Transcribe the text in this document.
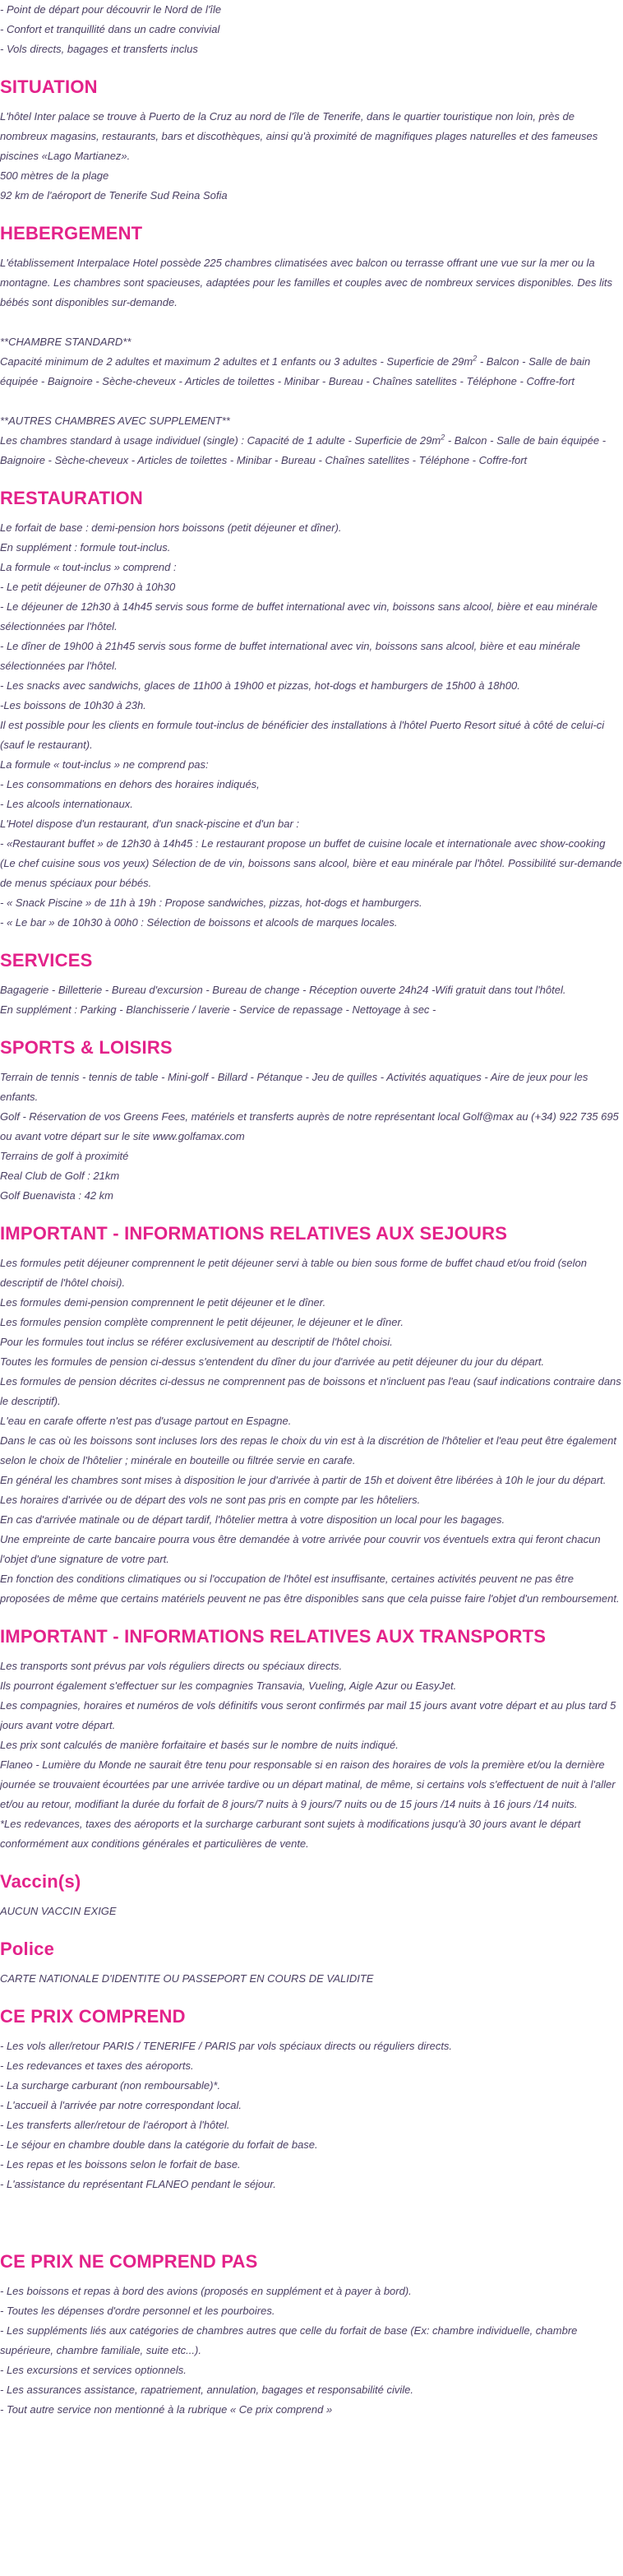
- Point de départ pour découvrir le Nord de l'île
- Confort et tranquillité dans un cadre convivial
- Vols directs, bagages et transferts inclus
SITUATION
L'hôtel Inter palace se trouve à Puerto de la Cruz au nord de l'île de Tenerife, dans le quartier touristique non loin, près de nombreux magasins, restaurants, bars et discothèques, ainsi qu'à proximité de magnifiques plages naturelles et des fameuses piscines «Lago Martianez».
500 mètres de la plage
92 km de l'aéroport de Tenerife Sud Reina Sofia
HEBERGEMENT
L'établissement Interpalace Hotel possède 225 chambres climatisées avec balcon ou terrasse offrant une vue sur la mer ou la montagne. Les chambres sont spacieuses, adaptées pour les familles et couples avec de nombreux services disponibles. Des lits bébés sont disponibles sur-demande.
**CHAMBRE STANDARD**
Capacité minimum de 2 adultes et maximum 2 adultes et 1 enfants ou 3 adultes - Superficie de $29m^2$ - Balcon - Salle de bain équipée - Baignoire - Sèche-cheveux - Articles de toilettes - Minibar - Bureau - Chaînes satellites - Téléphone - Coffre-fort
**AUTRES CHAMBRES AVEC SUPPLEMENT**
Les chambres standard à usage individuel (single) : Capacité de 1 adulte - Superficie de $29m^2$ - Balcon - Salle de bain équipée - Baignoire - Sèche-cheveux - Articles de toilettes - Minibar - Bureau - Chaînes satellites - Téléphone - Coffre-fort
RESTAURATION
Le forfait de base : demi-pension hors boissons (petit déjeuner et dîner).
En supplément : formule tout-inclus.
La formule « tout-inclus » comprend :
- Le petit déjeuner de 07h30 à 10h30
- Le déjeuner de 12h30 à 14h45 servis sous forme de buffet international avec vin, boissons sans alcool, bière et eau minérale sélectionnées par l'hôtel.
- Le dîner de 19h00 à 21h45 servis sous forme de buffet international avec vin, boissons sans alcool, bière et eau minérale sélectionnées par l'hôtel.
- Les snacks avec sandwichs, glaces de 11h00 à 19h00 et pizzas, hot-dogs et hamburgers de 15h00 à 18h00.
-Les boissons de 10h30 à 23h.
Il est possible pour les clients en formule tout-inclus de bénéficier des installations à l'hôtel Puerto Resort situé à côté de celui-ci (sauf le restaurant).
La formule « tout-inclus » ne comprend pas:
- Les consommations en dehors des horaires indiqués,
- Les alcools internationaux.
L'Hotel dispose d'un restaurant, d'un snack-piscine et d'un bar :
- «Restaurant buffet » de 12h30 à 14h45 : Le restaurant propose un buffet de cuisine locale et internationale avec show-cooking (Le chef cuisine sous vos yeux) Sélection de de vin, boissons sans alcool, bière et eau minérale par l'hôtel. Possibilité sur-demande de menus spéciaux pour bébés.
- « Snack Piscine » de 11h à 19h : Propose sandwiches, pizzas, hot-dogs et hamburgers.
- « Le bar » de 10h30 à 00h0 : Sélection de boissons et alcools de marques locales.
SERVICES
Bagagerie - Billetterie - Bureau d'excursion - Bureau de change - Réception ouverte 24h24 -Wifi gratuit dans tout l'hôtel.
En supplément : Parking - Blanchisserie / laverie - Service de repassage - Nettoyage à sec -
SPORTS & LOISIRS
Terrain de tennis - tennis de table - Mini-golf - Billard - Pétanque - Jeu de quilles - Activités aquatiques - Aire de jeux pour les enfants.
Golf - Réservation de vos Greens Fees, matériels et transferts auprès de notre représentant local Golf@max au (+34) 922 735 695 ou avant votre départ sur le site www.golfamax.com
Terrains de golf à proximité
Real Club de Golf : 21km
Golf Buenavista : 42 km
IMPORTANT - INFORMATIONS RELATIVES AUX SEJOURS
Les formules petit déjeuner comprennent le petit déjeuner servi à table ou bien sous forme de buffet chaud et/ou froid (selon descriptif de l'hôtel choisi).
Les formules demi-pension comprennent le petit déjeuner et le dîner.
Les formules pension complète comprennent le petit déjeuner, le déjeuner et le dîner.
Pour les formules tout inclus se référer exclusivement au descriptif de l'hôtel choisi.
Toutes les formules de pension ci-dessus s'entendent du dîner du jour d'arrivée au petit déjeuner du jour du départ.
Les formules de pension décrites ci-dessus ne comprennent pas de boissons et n'incluent pas l'eau (sauf indications contraire dans le descriptif).
L'eau en carafe offerte n'est pas d'usage partout en Espagne.
Dans le cas où les boissons sont incluses lors des repas le choix du vin est à la discrétion de l'hôtelier et l'eau peut être également selon le choix de l'hôtelier ; minérale en bouteille ou filtrée servie en carafe.
En général les chambres sont mises à disposition le jour d'arrivée à partir de 15h et doivent être libérées à 10h le jour du départ. Les horaires d'arrivée ou de départ des vols ne sont pas pris en compte par les hôteliers.
En cas d'arrivée matinale ou de départ tardif, l'hôtelier mettra à votre disposition un local pour les bagages.
Une empreinte de carte bancaire pourra vous être demandée à votre arrivée pour couvrir vos éventuels extra qui feront chacun l'objet d'une signature de votre part.
En fonction des conditions climatiques ou si l'occupation de l'hôtel est insuffisante, certaines activités peuvent ne pas être proposées de même que certains matériels peuvent ne pas être disponibles sans que cela puisse faire l'objet d'un remboursement.
IMPORTANT - INFORMATIONS RELATIVES AUX TRANSPORTS
Les transports sont prévus par vols réguliers directs ou spéciaux directs.
Ils pourront également s'effectuer sur les compagnies Transavia, Vueling, Aigle Azur ou EasyJet.
Les compagnies, horaires et numéros de vols définitifs vous seront confirmés par mail 15 jours avant votre départ et au plus tard 5 jours avant votre départ.
Les prix sont calculés de manière forfaitaire et basés sur le nombre de nuits indiqué.
Flaneo - Lumière du Monde ne saurait être tenu pour responsable si en raison des horaires de vols la première et/ou la dernière journée se trouvaient écourtées par une arrivée tardive ou un départ matinal, de même, si certains vols s'effectuent de nuit à l'aller et/ou au retour, modifiant la durée du forfait de 8 jours/7 nuits à 9 jours/7 nuits ou de 15 jours /14 nuits à 16 jours /14 nuits.
*Les redevances, taxes des aéroports et la surcharge carburant sont sujets à modifications jusqu'à 30 jours avant le départ conformément aux conditions générales et particulières de vente.
Vaccin(s)
AUCUN VACCIN EXIGE
Police
CARTE NATIONALE D'IDENTITE OU PASSEPORT EN COURS DE VALIDITE
CE PRIX COMPREND
- Les vols aller/retour PARIS / TENERIFE / PARIS par vols spéciaux directs ou réguliers directs.
- Les redevances et taxes des aéroports.
- La surcharge carburant (non remboursable)*.
- L'accueil à l'arrivée par notre correspondant local.
- Les transferts aller/retour de l'aéroport à l'hôtel.
- Le séjour en chambre double dans la catégorie du forfait de base.
- Les repas et les boissons selon le forfait de base.
- L'assistance du représentant FLANEO pendant le séjour.
CE PRIX NE COMPREND PAS
- Les boissons et repas à bord des avions (proposés en supplément et à payer à bord).
- Toutes les dépenses d'ordre personnel et les pourboires.
- Les suppléments liés aux catégories de chambres autres que celle du forfait de base (Ex: chambre individuelle, chambre supérieure, chambre familiale, suite etc...).
- Les excursions et services optionnels.
- Les assurances assistance, rapatriement, annulation, bagages et responsabilité civile.
- Tout autre service non mentionné à la rubrique « Ce prix comprend »
